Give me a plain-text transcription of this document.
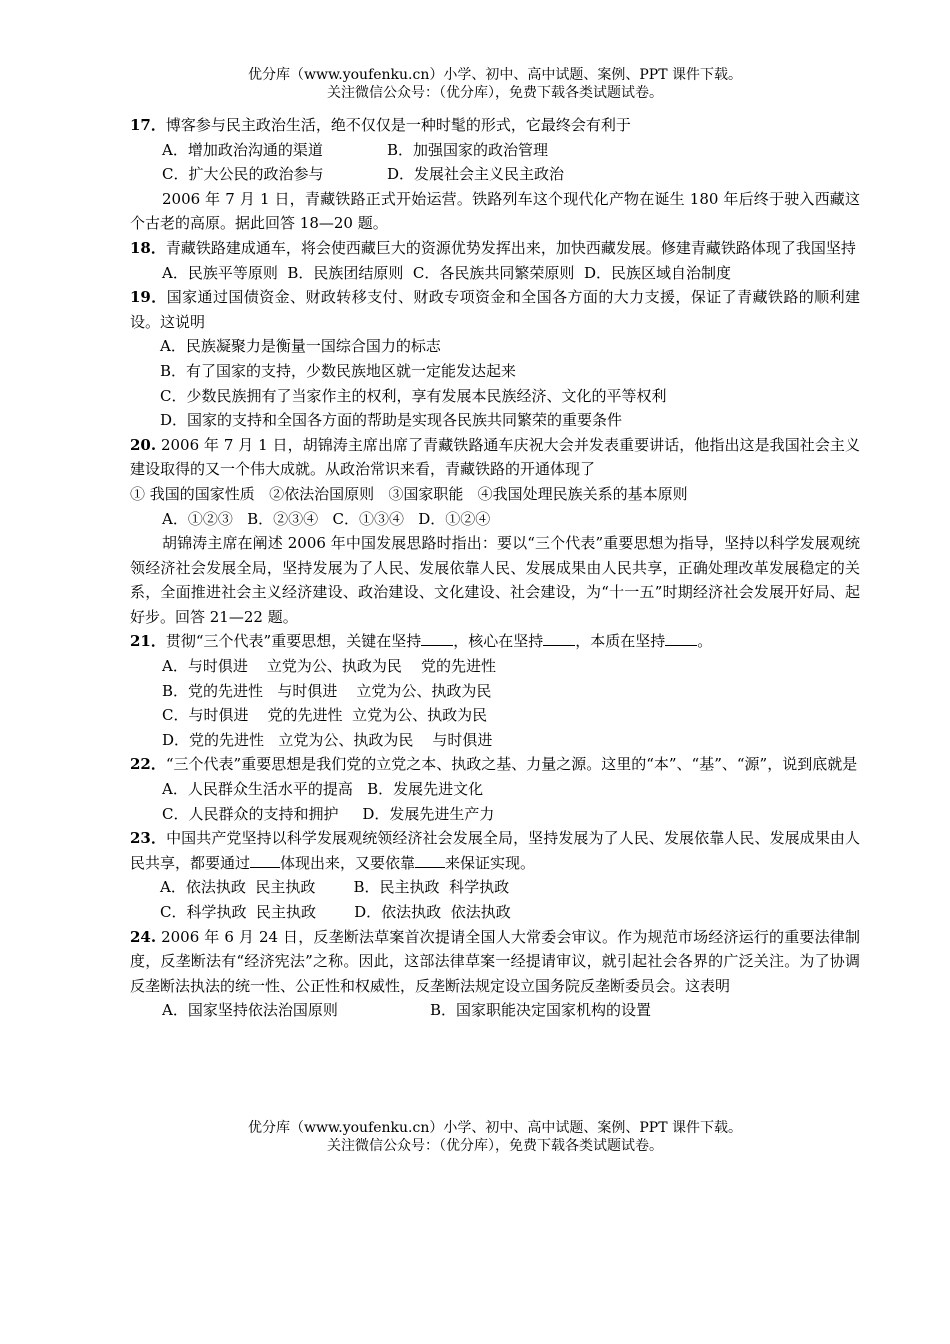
优分库（www.youfenku.cn）小学、初中、高中试题、案例、PPT 课件下载。
关注微信公众号：（优分库），免费下载各类试题试卷。

17．博客参与民主政治生活，绝不仅仅是一种时髦的形式，它最终会有利于

A．增加政治沟通的渠道	B．加强国家的政治管理

C．扩大公民的政治参与	D．发展社会主义民主政治

2006 年 7 月 1 日，青藏铁路正式开始运营。铁路列车这个现代化产物在诞生 180 年后终于驶入西藏这个古老的高原。据此回答 18—20 题。

18．青藏铁路建成通车，将会使西藏巨大的资源优势发挥出来，加快西藏发展。修建青藏铁路体现了我国坚持

A．民族平等原则  B．民族团结原则  C．各民族共同繁荣原则  D．民族区域自治制度

19．国家通过国债资金、财政转移支付、财政专项资金和全国各方面的大力支援，保证了青藏铁路的顺利建设。这说明

A．民族凝聚力是衡量一国综合国力的标志

B．有了国家的支持，少数民族地区就一定能发达起来

C．少数民族拥有了当家作主的权利，享有发展本民族经济、文化的平等权利

D．国家的支持和全国各方面的帮助是实现各民族共同繁荣的重要条件

20. 2006 年 7 月 1 日，胡锦涛主席出席了青藏铁路通车庆祝大会并发表重要讲话，他指出这是我国社会主义建设取得的又一个伟大成就。从政治常识来看，青藏铁路的开通体现了

① 我国的国家性质   ②依法治国原则   ③国家职能   ④我国处理民族关系的基本原则

A．①②③   B．②③④   C．①③④   D．①②④

胡锦涛主席在阐述 2006 年中国发展思路时指出：要以“三个代表”重要思想为指导，坚持以科学发展观统领经济社会发展全局，坚持发展为了人民、发展依靠人民、发展成果由人民共享，正确处理改革发展稳定的关系，全面推进社会主义经济建设、政治建设、文化建设、社会建设，为“十一五”时期经济社会发展开好局、起好步。回答 21—22 题。

21．贯彻“三个代表”重要思想，关键在坚持 ，核心在坚持 ，本质在坚持 。

A．与时俱进    立党为公、执政为民    党的先进性

B．党的先进性   与时俱进    立党为公、执政为民

C．与时俱进    党的先进性  立党为公、执政为民

D．党的先进性   立党为公、执政为民    与时俱进

22．“三个代表”重要思想是我们党的立党之本、执政之基、力量之源。这里的“本”、“基”、“源”，说到底就是

A．人民群众生活水平的提高   B．发展先进文化

C．人民群众的支持和拥护     D．发展先进生产力

23．中国共产党坚持以科学发展观统领经济社会发展全局，坚持发展为了人民、发展依靠人民、发展成果由人民共享，都要通过 体现出来，又要依靠 来保证实现。

A．依法执政  民主执政        B．民主执政  科学执政

C．科学执政  民主执政        D．依法执政  依法执政

24. 2006 年 6 月 24 日，反垄断法草案首次提请全国人大常委会审议。作为规范市场经济运行的重要法律制度，反垄断法有“经济宪法”之称。因此，这部法律草案一经提请审议，就引起社会各界的广泛关注。为了协调反垄断法执法的统一性、公正性和权威性，反垄断法规定设立国务院反垄断委员会。这表明

A．国家坚持依法治国原则	B．国家职能决定国家机构的设置

优分库（www.youfenku.cn）小学、初中、高中试题、案例、PPT 课件下载。
关注微信公众号：（优分库），免费下载各类试题试卷。
